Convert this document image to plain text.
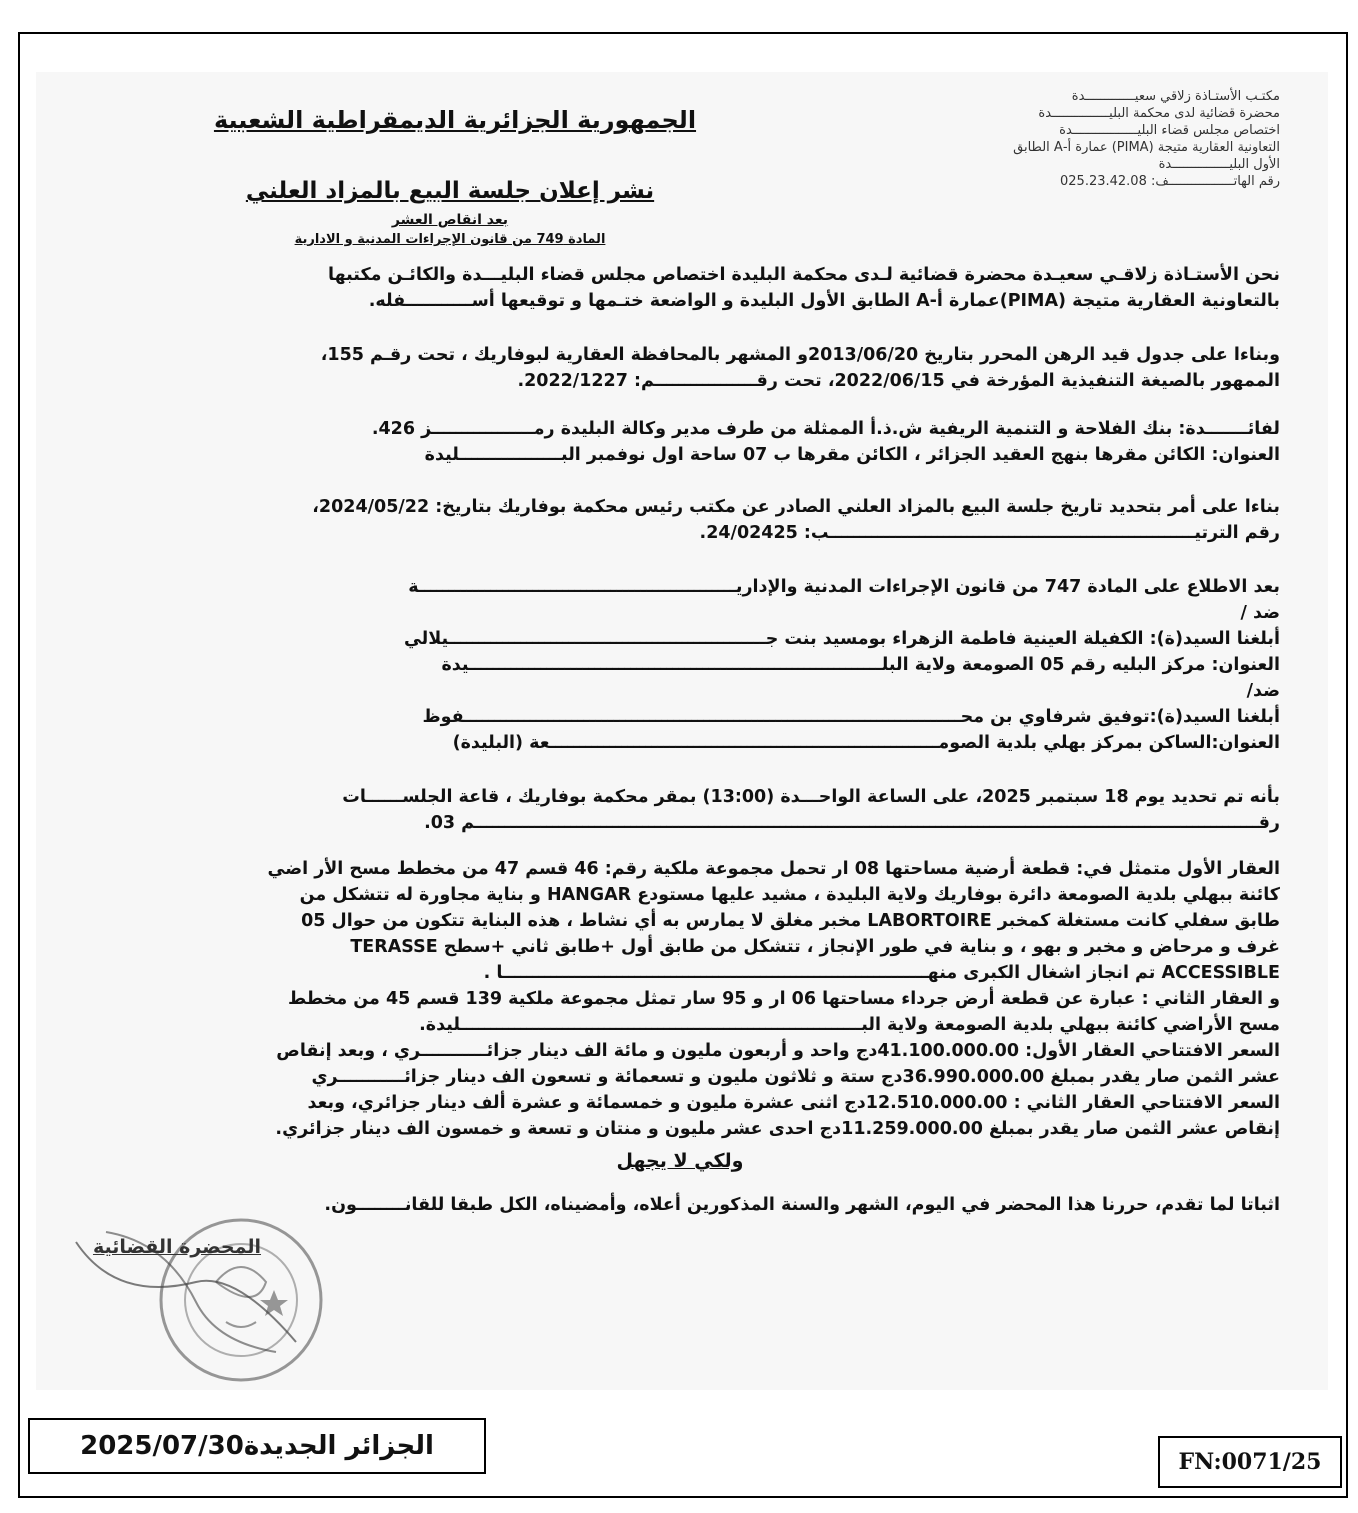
مكتـب الأستـاذة زلاقي سعيـــــــــــــدة
محضرة قضائية لدى محكمة البليـــــــــــــــدة
اختصاص مجلس قضاء البليـــــــــــــــــدة
التعاونية العقارية متيجة (PIMA) عمارة أ-A الطابق
الأول البليـــــــــــــــدة
رقم الهاتـــــــــــــــــف: 025.23.42.08
الجمهورية الجزائرية الديمقراطية الشعبية
نشر إعلان جلسة البيع بالمزاد العلني
بعد انقاص العشر
المادة 749 من قانون الإجراءات المدنية و الادارية

نحن الأستـاذة زلاقـي سعيـدة محضرة قضائية لـدى محكمة البليدة اختصاص مجلس قضاء البليـــدة والكائـن مكتبها

بالتعاونية العقارية متيجة (PIMA)عمارة أ-A الطابق الأول البليدة و الواضعة ختـمها و توقيعها أســـــــــــفله.

وبناءا على جدول قيد الرهن المحرر بتاريخ 2013/06/20و المشهر بالمحافظة العقارية لبوفاريك ، تحت رقـم 155،

الممهور بالصيغة التنفيذية المؤرخة في 2022/06/15، تحت رقـــــــــــــــــم: 2022/1227.

لفائـــــــدة: بنك الفلاحة و التنمية الريفية ش.ذ.أ الممثلة من طرف مدير وكالة البليدة رمـــــــــــــــــز 426.

العنوان: الكائن مقرها بنهج العقيد الجزائر ، الكائن مقرها ب 07 ساحة اول نوفمبر البـــــــــــــــــليدة

بناءا على أمر بتحديد تاريخ جلسة البيع بالمزاد العلني الصادر عن مكتب رئيس محكمة بوفاريك بتاريخ: 2024/05/22،

رقم الترتيـــــــــــــــــــــــــــــــــــــــــــــــــــــــــــــب: 24/02425.

بعد الاطلاع على المادة 747 من قانون الإجراءات المدنية والإداريـــــــــــــــــــــــــــــــــــــــــــــــــــــة

ضد /

أبلغنا السيد(ة): الكفيلة العينية فاطمة الزهراء بومسيد بنت جـــــــــــــــــــــــــــــــــــــــــــــــــــــيلالي

العنوان: مركز البليه رقم 05 الصومعة ولاية البلـــــــــــــــــــــــــــــــــــــــــــــــــــــــــــــــــــــيدة

ضد/

أبلغنا السيد(ة):توفيق شرفاوي بن محـــــــــــــــــــــــــــــــــــــــــــــــــــــــــــــــــــــــــــــــــــفوظ

العنوان:الساكن بمركز بهلي بلدية الصومـــــــــــــــــــــــــــــــــــــــــــــــــــــــــــــــــعة (البليدة)

بأنه تم تحديد يوم 18 سبتمبر 2025، على الساعة الواحـــدة (13:00) بمقر محكمة بوفاريك ، قاعة الجلســــــات

رقـــــــــــــــــــــــــــــــــــــــــــــــــــــــــــــــــــــــــــــــــــــــــــــــــــــــــــــــــــــــــــــــــــم 03.

العقار الأول متمثل في: قطعة أرضية مساحتها 08 ار تحمل مجموعة ملكية رقم: 46 قسم 47 من مخطط مسح الأر اضي

كائنة ببهلي بلدية الصومعة دائرة بوفاريك ولاية البليدة ، مشيد عليها مستودع HANGAR و بناية مجاورة له تتشكل من

طابق سفلي كانت مستغلة كمخبر LABORTOIRE مخبر مغلق لا يمارس به أي نشاط ، هذه البناية تتكون من حوال 05

غرف و مرحاض و مخبر و بهو ، و بناية في طور الإنجاز ، تتشكل من طابق أول +طابق ثاني +سطح TERASSE

ACCESSIBLE تم انجاز اشغال الكبرى منهـــــــــــــــــــــــــــــــــــــــــــــــــــــــــــــــــــــــا .

و العقار الثاني : عبارة عن قطعة أرض جرداء مساحتها 06 ار و 95 سار تمثل مجموعة ملكية 139 قسم 45 من مخطط

مسح الأراضي كائنة ببهلي بلدية الصومعة ولاية البـــــــــــــــــــــــــــــــــــــــــــــــــــــــــــــــــــليدة.

السعر الافتتاحي العقار الأول: 41.100.000.00دج واحد و أربعون مليون و مائة الف دينار جزائـــــــــــري ، وبعد إنقاص

عشر الثمن صار يقدر بمبلغ 36.990.000.00دج ستة و ثلاثون مليون و تسعمائة و تسعون الف دينار جزائـــــــــــري

السعر الافتتاحي العقار الثاني : 12.510.000.00دج اثنى عشرة مليون و خمسمائة و عشرة ألف دينار جزائري، وبعد

إنقاص عشر الثمن صار يقدر بمبلغ 11.259.000.00دج احدى عشر مليون و منتان و تسعة و خمسون الف دينار جزائري.

ولكي لا يجهل

اثباتا لما تقدم، حررنا هذا المحضر في اليوم، الشهر والسنة المذكورين أعلاه، وأمضيناه، الكل طبقا للقانــــــــون.

المحضرة القضائية
الجزائر الجديدة2025/07/30
FN:0071/25
